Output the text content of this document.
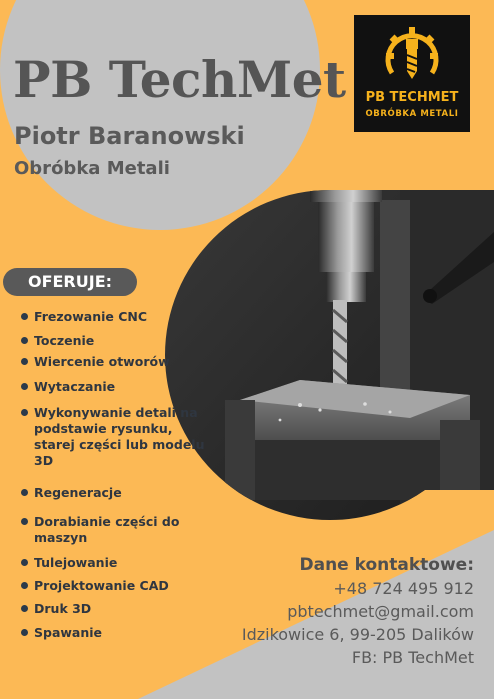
PB TechMet
Piotr Baranowski
Obróbka Metali
PB TECHMET
OBRÓBKA METALI
OFERUJE:
Frezowanie CNC
Toczenie
Wiercenie otworów
Wytaczanie
Wykonywanie detali na podstawie rysunku, starej części lub modelu 3D
Regeneracje
Dorabianie części do maszyn
Tulejowanie
Projektowanie CAD
Druk 3D
Spawanie
Dane kontaktowe:
+48 724 495 912
pbtechmet@gmail.com
Idzikowice 6, 99-205 Dalików
FB: PB TechMet
